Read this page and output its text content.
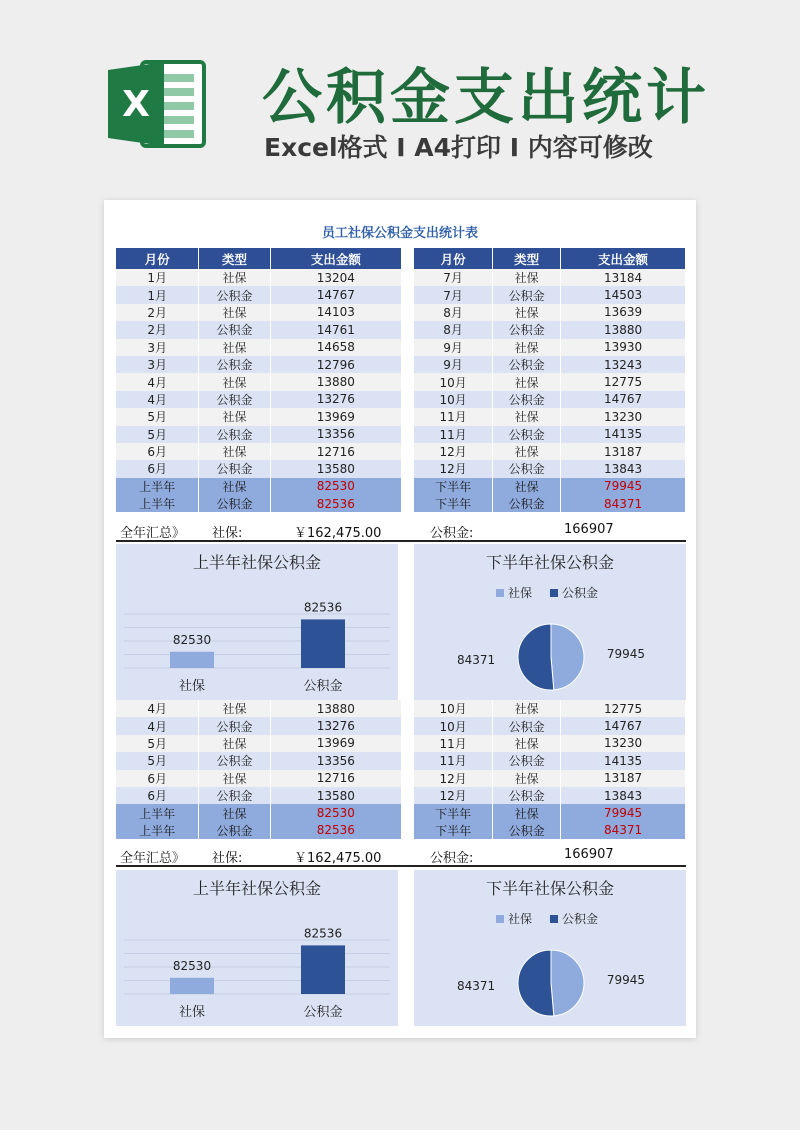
X 公积金支出统计
Excel格式 Ι A4打印 Ι 内容可修改
员工社保公积金支出统计表
月份	类型	支出金额
1月	社保	13204
1月	公积金	14767
2月	社保	14103
2月	公积金	14761
3月	社保	14658
3月	公积金	12796
4月	社保	13880
4月	公积金	13276
5月	社保	13969
5月	公积金	13356
6月	社保	12716
6月	公积金	13580
上半年	社保	82530
上半年	公积金	82536
月份	类型	支出金额
7月	社保	13184
7月	公积金	14503
8月	社保	13639
8月	公积金	13880
9月	社保	13930
9月	公积金	13243
10月	社保	12775
10月	公积金	14767
11月	社保	13230
11月	公积金	14135
12月	社保	13187
12月	公积金	13843
下半年	社保	79945
下半年	公积金	84371
全年汇总》 社保:	￥162,475.00	公积金:	166907
上半年社保公积金
82530
社保
82536
公积金
下半年社保公积金
社保 公积金
79945
84371
4月	社保	13880
4月	公积金	13276
5月	社保	13969
5月	公积金	13356
6月	社保	12716
6月	公积金	13580
上半年	社保	82530
上半年	公积金	82536
10月	社保	12775
10月	公积金	14767
11月	社保	13230
11月	公积金	14135
12月	社保	13187
12月	公积金	13843
下半年	社保	79945
下半年	公积金	84371
全年汇总》 社保:	￥162,475.00	公积金:	166907
上半年社保公积金
82530
社保
82536
公积金
下半年社保公积金
社保 公积金
79945
84371
